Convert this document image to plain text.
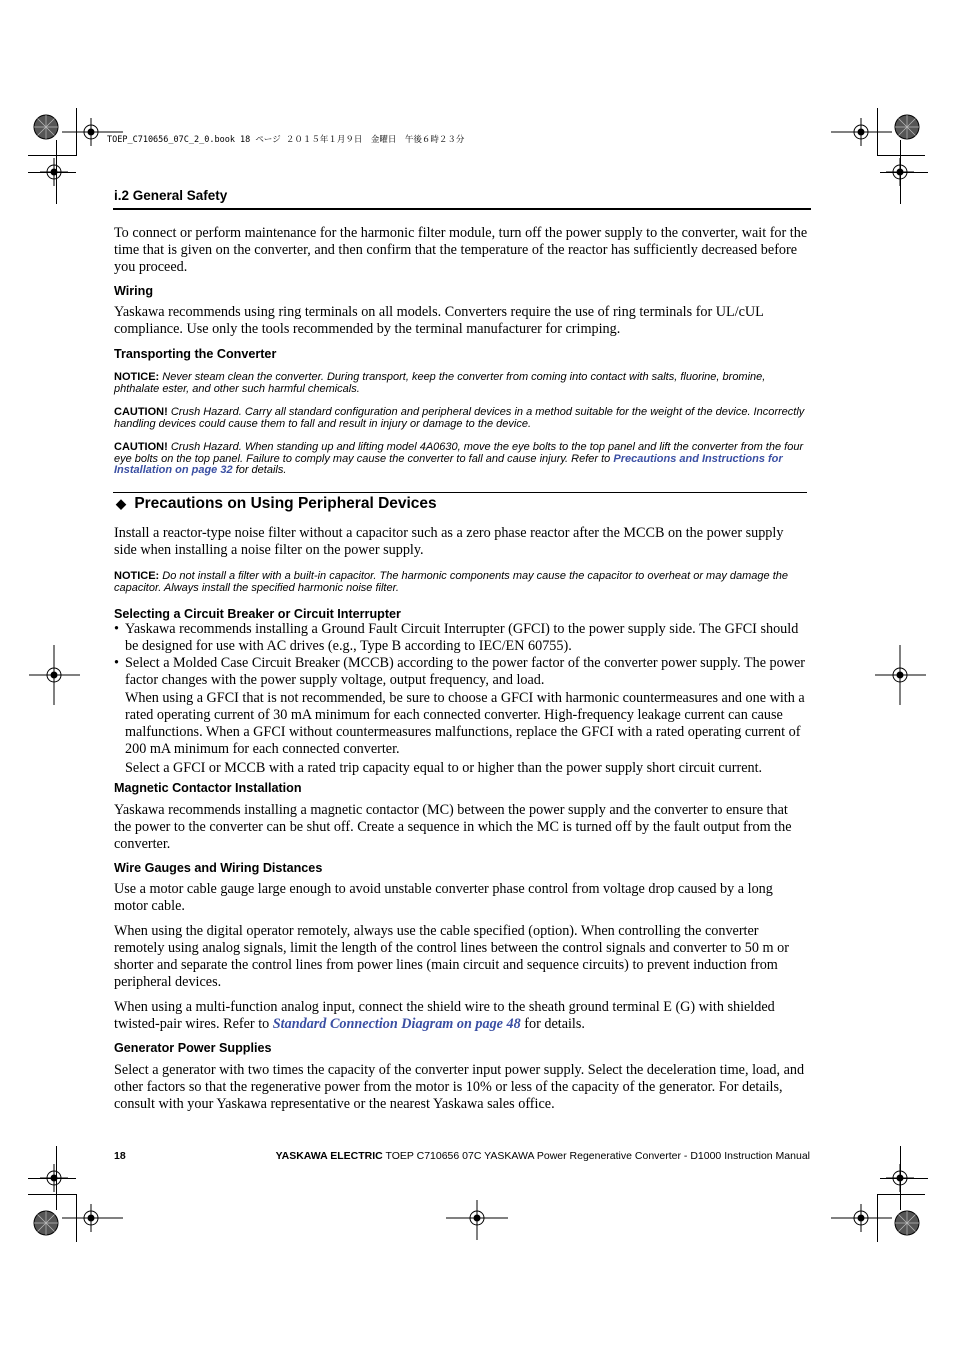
TOEP_C710656_07C_2_0.book 18 ページ ２０１５年１月９日　金曜日　午後６時２３分
i.2 General Safety
To connect or perform maintenance for the harmonic filter module, turn off the power supply to the converter, wait for the time that is given on the converter, and then confirm that the temperature of the reactor has sufficiently decreased before you proceed.
Wiring
Yaskawa recommends using ring terminals on all models. Converters require the use of ring terminals for UL/cUL compliance. Use only the tools recommended by the terminal manufacturer for crimping.
Transporting the Converter
NOTICE: Never steam clean the converter. During transport, keep the converter from coming into contact with salts, fluorine, bromine, phthalate ester, and other such harmful chemicals.
CAUTION! Crush Hazard. Carry all standard configuration and peripheral devices in a method suitable for the weight of the device. Incorrectly handling devices could cause them to fall and result in injury or damage to the device.
CAUTION! Crush Hazard. When standing up and lifting model 4A0630, move the eye bolts to the top panel and lift the converter from the four eye bolts on the top panel. Failure to comply may cause the converter to fall and cause injury. Refer to Precautions and Instructions for Installation on page 32 for details.
◆ Precautions on Using Peripheral Devices
Install a reactor-type noise filter without a capacitor such as a zero phase reactor after the MCCB on the power supply side when installing a noise filter on the power supply.
NOTICE: Do not install a filter with a built-in capacitor. The harmonic components may cause the capacitor to overheat or may damage the capacitor. Always install the specified harmonic noise filter.
Selecting a Circuit Breaker or Circuit Interrupter
• Yaskawa recommends installing a Ground Fault Circuit Interrupter (GFCI) to the power supply side. The GFCI should be designed for use with AC drives (e.g., Type B according to IEC/EN 60755).
• Select a Molded Case Circuit Breaker (MCCB) according to the power factor of the converter power supply. The power factor changes with the power supply voltage, output frequency, and load.
When using a GFCI that is not recommended, be sure to choose a GFCI with harmonic countermeasures and one with a rated operating current of 30 mA minimum for each connected converter. High-frequency leakage current can cause malfunctions. When a GFCI without countermeasures malfunctions, replace the GFCI with a rated operating current of 200 mA minimum for each connected converter.
Select a GFCI or MCCB with a rated trip capacity equal to or higher than the power supply short circuit current.
Magnetic Contactor Installation
Yaskawa recommends installing a magnetic contactor (MC) between the power supply and the converter to ensure that the power to the converter can be shut off. Create a sequence in which the MC is turned off by the fault output from the converter.
Wire Gauges and Wiring Distances
Use a motor cable gauge large enough to avoid unstable converter phase control from voltage drop caused by a long motor cable.
When using the digital operator remotely, always use the cable specified (option). When controlling the converter remotely using analog signals, limit the length of the control lines between the control signals and converter to 50 m or shorter and separate the control lines from power lines (main circuit and sequence circuits) to prevent induction from peripheral devices.
When using a multi-function analog input, connect the shield wire to the sheath ground terminal E (G) with shielded twisted-pair wires. Refer to Standard Connection Diagram on page 48 for details.
Generator Power Supplies
Select a generator with two times the capacity of the converter input power supply. Select the deceleration time, load, and other factors so that the regenerative power from the motor is 10% or less of the capacity of the generator. For details, consult with your Yaskawa representative or the nearest Yaskawa sales office.
18	YASKAWA ELECTRIC TOEP C710656 07C YASKAWA Power Regenerative Converter - D1000 Instruction Manual
